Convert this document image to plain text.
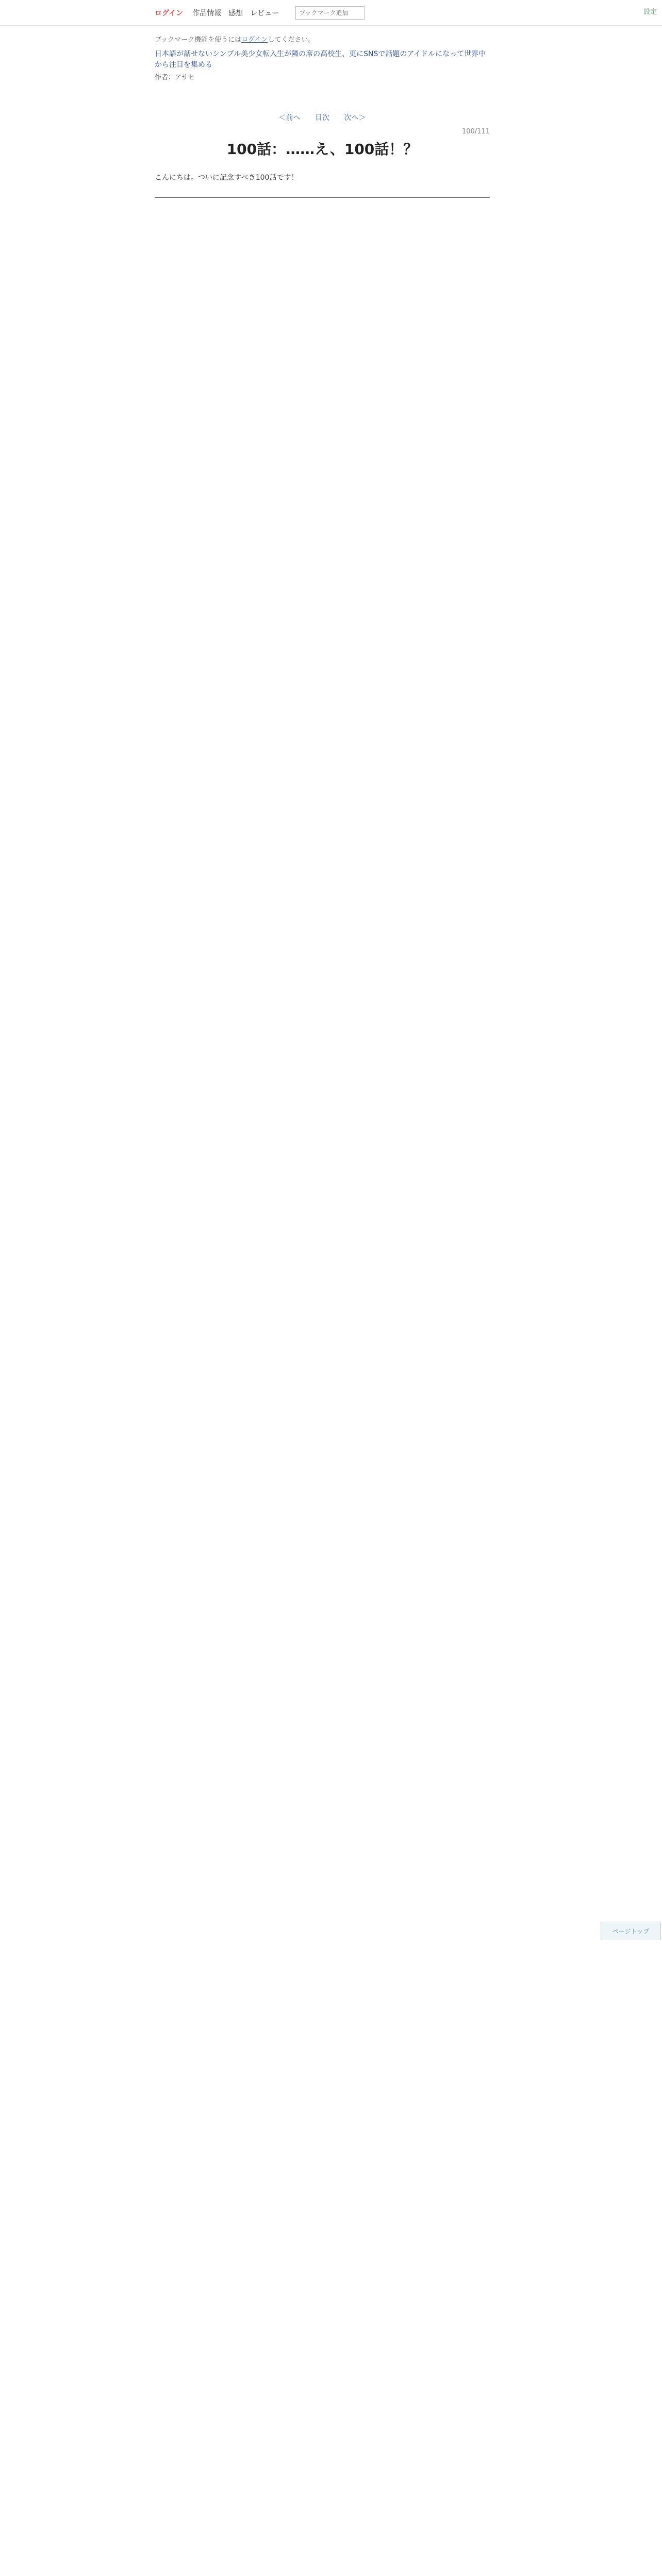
ログイン 作品情報 感想 レビュー
ブックマーク追加	設定
ブックマーク機能を使うにはログインしてください。
日本語が話せないシンプル美少女転入生が隣の席の高校生、更にSNSで話題のアイドルになって世界中から注目を集める
作者：アサヒ
＜前へ 目次 次へ＞
100/111
100話：……え、100話！？
こんにちは。ついに記念すべき100話です！

ページトップ
